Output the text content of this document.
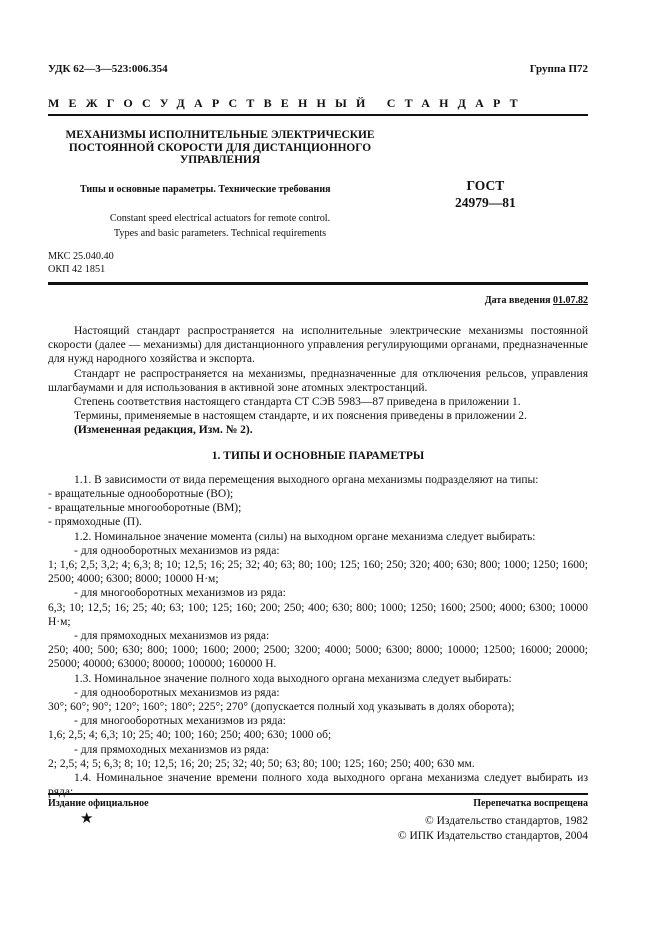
УДК 62—3—523:006.354	Группа П72
МЕЖГОСУДАРСТВЕННЫЙ СТАНДАРТ
МЕХАНИЗМЫ ИСПОЛНИТЕЛЬНЫЕ ЭЛЕКТРИЧЕСКИЕ
ПОСТОЯННОЙ СКОРОСТИ ДЛЯ ДИСТАНЦИОННОГО
УПРАВЛЕНИЯ
Типы и основные параметры. Технические требования	ГОСТ
24979—81
Constant speed electrical actuators for remote control.
Types and basic parameters. Technical requirements
МКС 25.040.40
ОКП 42 1851
Дата введения 01.07.82

Настоящий стандарт распространяется на исполнительные электрические механизмы постоянной скорости (далее — механизмы) для дистанционного управления регулирующими органами, предназначенные для нужд народного хозяйства и экспорта.

Стандарт не распространяется на механизмы, предназначенные для отключения рельсов, управления шлагбаумами и для использования в активной зоне атомных электростанций.

Степень соответствия настоящего стандарта СТ СЭВ 5983—87 приведена в приложении 1.

Термины, применяемые в настоящем стандарте, и их пояснения приведены в приложении 2.

(Измененная редакция, Изм. № 2).

1. ТИПЫ И ОСНОВНЫЕ ПАРАМЕТРЫ

1.1. В зависимости от вида перемещения выходного органа механизмы подразделяют на типы:

- вращательные однооборотные (ВО);

- вращательные многооборотные (ВМ);

- прямоходные (П).

1.2. Номинальное значение момента (силы) на выходном органе механизма следует выбирать:

- для однооборотных механизмов из ряда:

1; 1,6; 2,5; 3,2; 4; 6,3; 8; 10; 12,5; 16; 25; 32; 40; 63; 80; 100; 125; 160; 250; 320; 400; 630; 800; 1000; 1250; 1600; 2500; 4000; 6300; 8000; 10000 Н·м;

- для многооборотных механизмов из ряда:

6,3; 10; 12,5; 16; 25; 40; 63; 100; 125; 160; 200; 250; 400; 630; 800; 1000; 1250; 1600; 2500; 4000; 6300; 10000 Н·м;

- для прямоходных механизмов из ряда:

250; 400; 500; 630; 800; 1000; 1600; 2000; 2500; 3200; 4000; 5000; 6300; 8000; 10000; 12500; 16000; 20000; 25000; 40000; 63000; 80000; 100000; 160000 Н.

1.3. Номинальное значение полного хода выходного органа механизма следует выбирать:

- для однооборотных механизмов из ряда:

30°; 60°; 90°; 120°; 160°; 180°; 225°; 270° (допускается полный ход указывать в долях оборота);

- для многооборотных механизмов из ряда:

1,6; 2,5; 4; 6,3; 10; 25; 40; 100; 160; 250; 400; 630; 1000 об;

- для прямоходных механизмов из ряда:

2; 2,5; 4; 5; 6,3; 8; 10; 12,5; 16; 20; 25; 32; 40; 50; 63; 80; 100; 125; 160; 250; 400; 630 мм.

1.4. Номинальное значение времени полного хода выходного органа механизма следует выбирать из

Издание официальное	Перепечатка воспрещена
★	© Издательство стандартов, 1982
© ИПК Издательство стандартов, 2004
